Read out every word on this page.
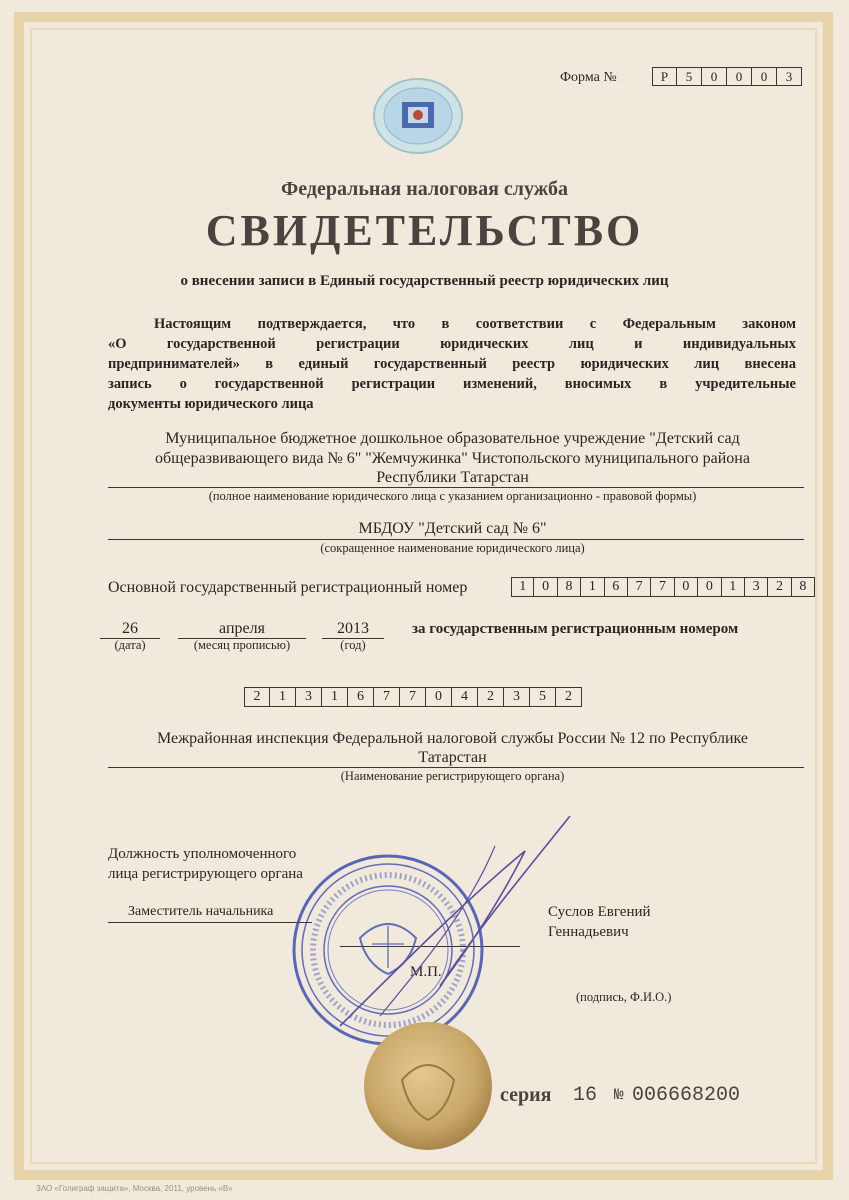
Форма №	Р	5	0	0	0	3
Федеральная налоговая служба
СВИДЕТЕЛЬСТВО
о внесении записи в Единый государственный реестр юридических лиц
Настоящим подтверждается, что в соответствии с Федеральным законом
«О государственной регистрации юридических лиц и индивидуальных
предпринимателей» в единый государственный реестр юридических лиц внесена
запись о государственной регистрации изменений, вносимых в учредительные
документы юридического лица
Муниципальное бюджетное дошкольное образовательное учреждение "Детский сад
общеразвивающего вида № 6" "Жемчужинка" Чистопольского муниципального района
Республики Татарстан
(полное наименование юридического лица с указанием организационно - правовой формы)
МБДОУ "Детский сад № 6"
(сокращенное наименование юридического лица)
Основной государственный регистрационный номер	1	0	8	1	6	7	7	0	0	1	3	2	8
26
(дата)
апреля
(месяц прописью)
2013
(год)
за государственным регистрационным номером
2	1	3	1	6	7	7	0	4	2	3	5	2
Межрайонная инспекция Федеральной налоговой службы России № 12 по Республике
Татарстан
(Наименование регистрирующего органа)
Должность уполномоченного
лица регистрирующего органа
Заместитель начальника	Суслов Евгений
Геннадьевич
(подпись, Ф.И.О.)
М.П.
серия 16 № 006668200
ЗАО «Голиграф защита», Москва, 2011, уровень «В»
